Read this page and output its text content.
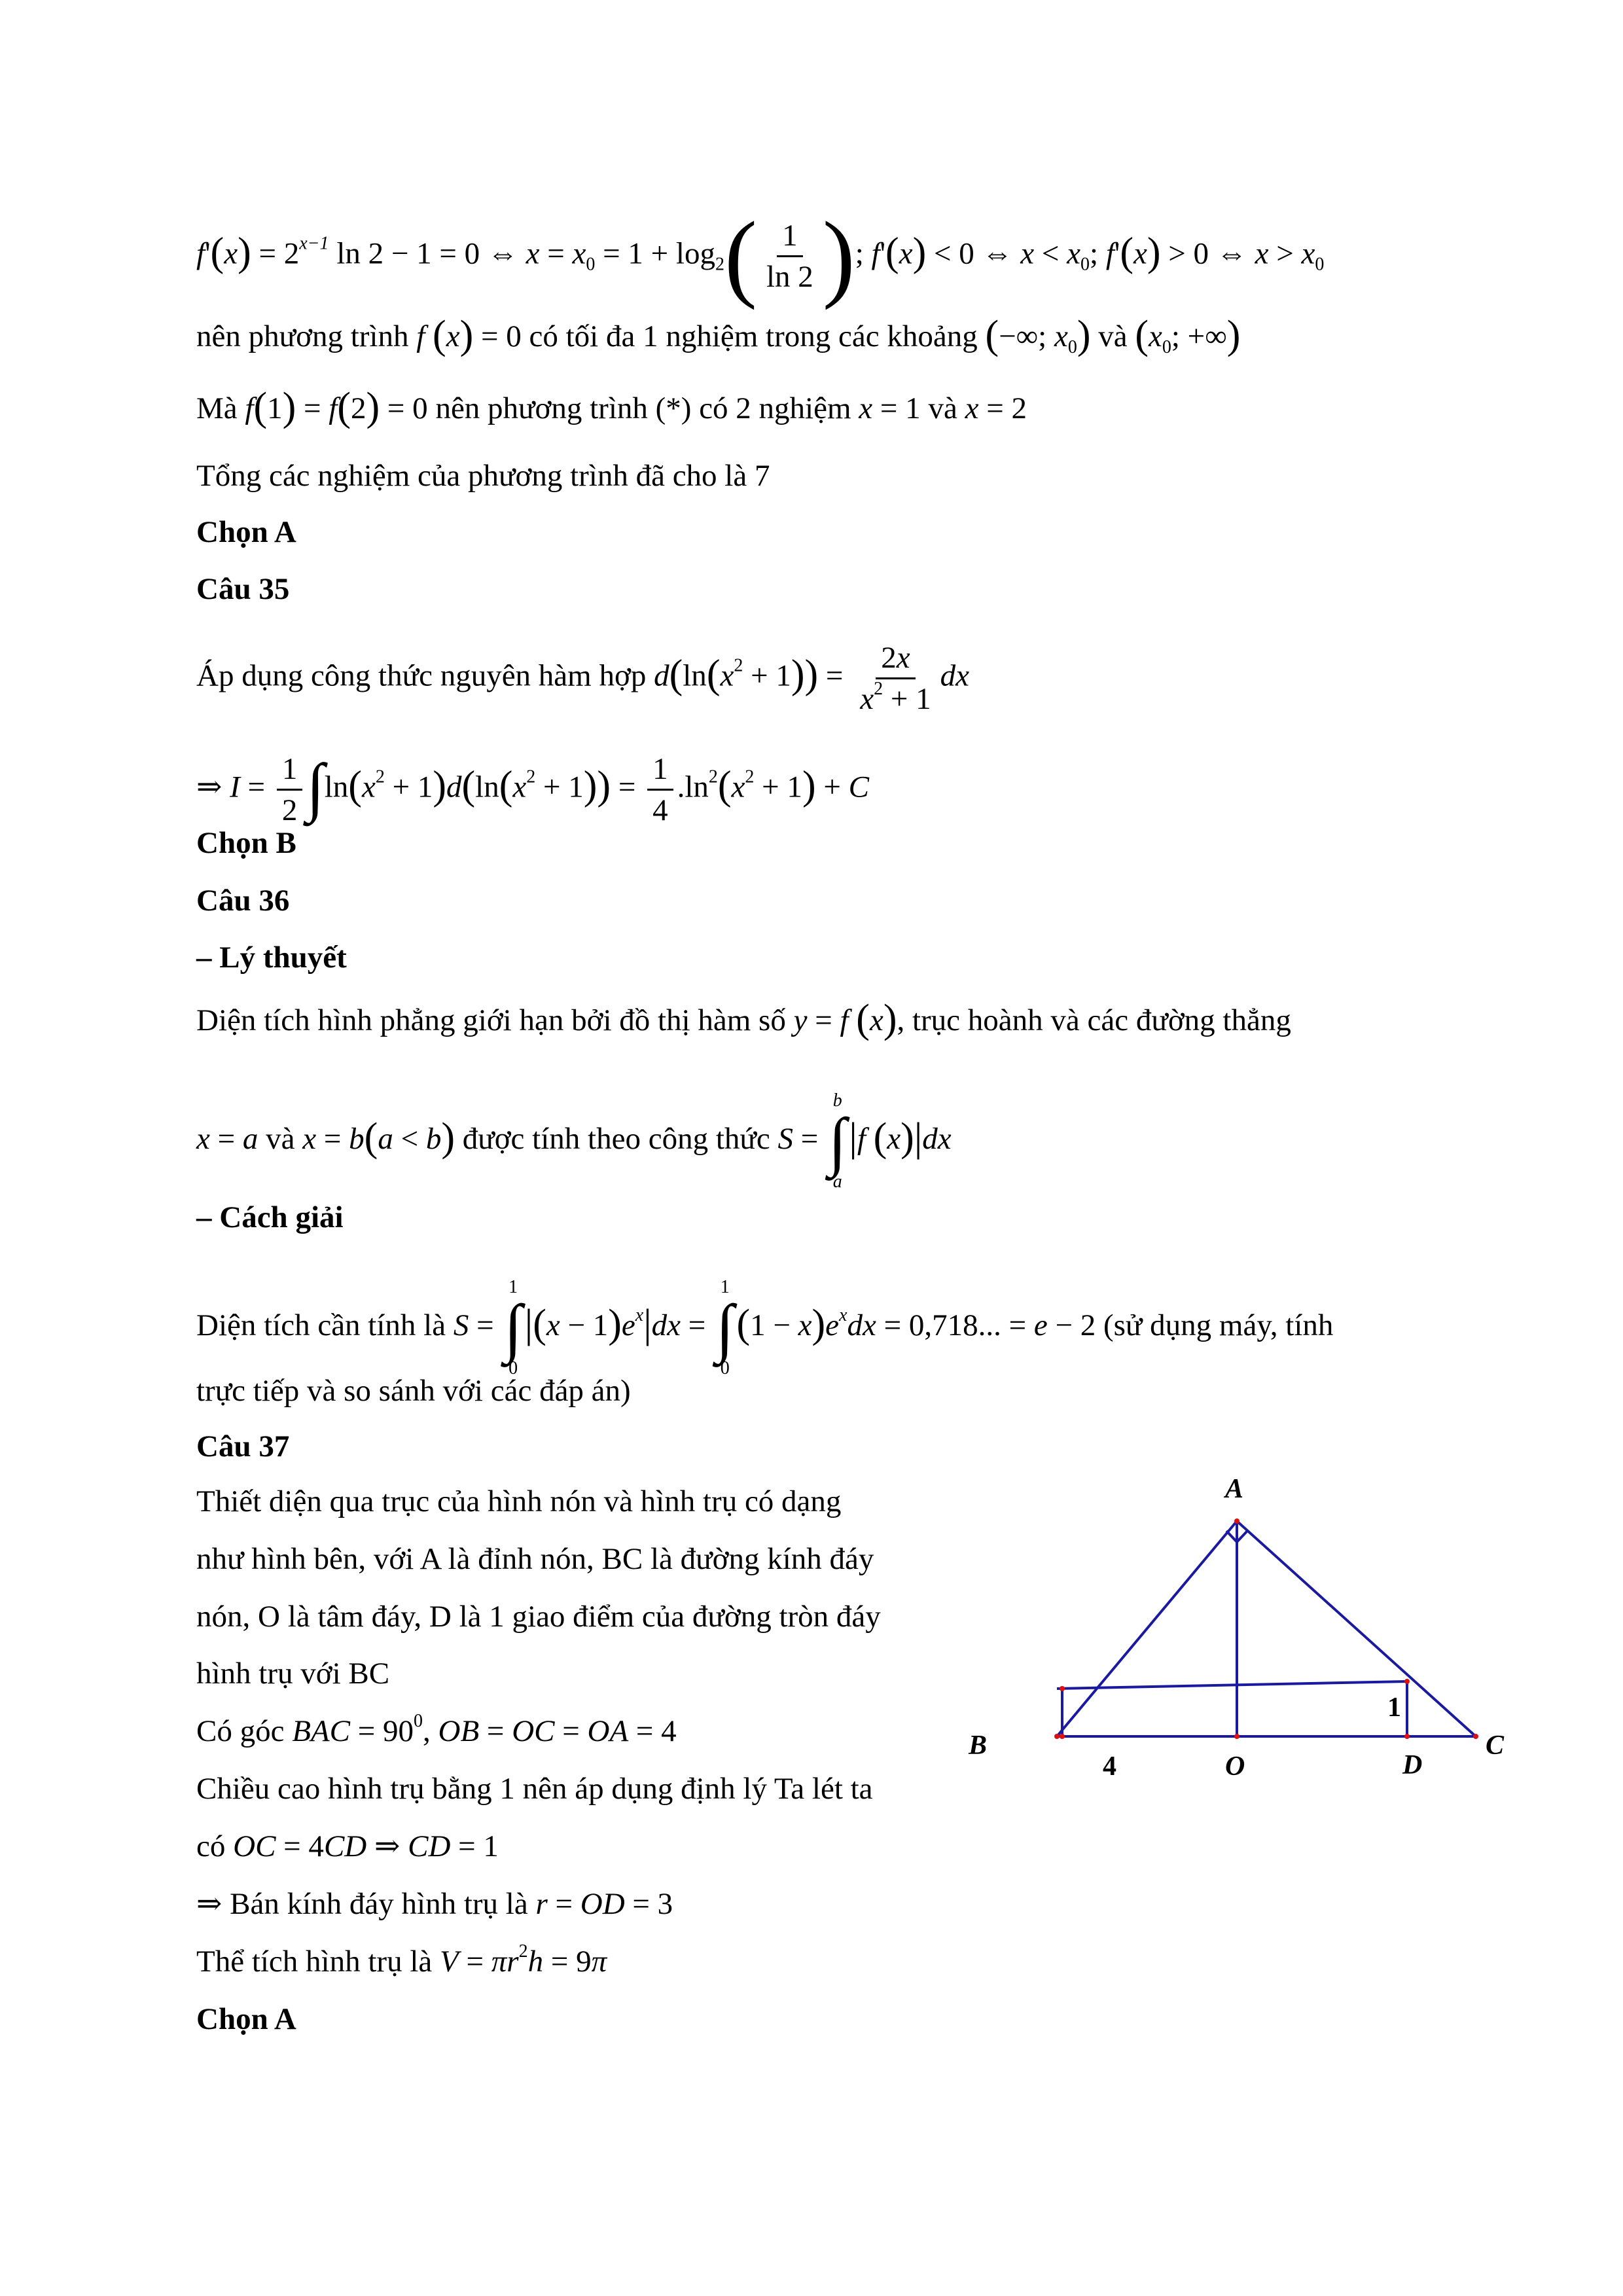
$f'(x) = 2^{x-1}$ ln 2 − 1 = 0 ⇔ $x = x_0 = 1 + \log_2( \frac{1}{\ln 2}$ ); f'(x) < 0 ⇔ $x < x_0$; f'(x) > 0 ⇔ $x > x_0$
nên phương trình f (x) = 0 có tối đa 1 nghiệm trong các khoảng (−∞; $x_0$) và ($x_0$; +∞)
Mà f(1) = f(2) = 0 nên phương trình (*) có 2 nghiệm x = 1 và x = 2
Tổng các nghiệm của phương trình đã cho là 7
Chọn A
Câu 35
Áp dụng công thức nguyên hàm hợp $d(\ln(x^2 + 1)) = \frac{2x}{x^2 + 1}$ dx
⇒ $I = \frac{1}{2} \int\ln(x^2 + 1)d(\ln(x^2 + 1)) = \frac{1}{4} .\ln^2(x^2 + 1) + C$
Chọn B
Câu 36
– Lý thuyết
Diện tích hình phẳng giới hạn bởi đồ thị hàm số y = f (x), trục hoành và các đường thẳng
x = a và x = b(a < b) được tính theo công thức S =
b
∫
a
|f (x)|dx
– Cách giải
Diện tích cần tính là S =
1
∫
0
$|(x - 1)e^x|dx$ =
1
∫
0
$(1 - x)e^xdx = 0,718$... = e − 2 (sử dụng máy, tính
trực tiếp và so sánh với các đáp án)
Câu 37
Thiết diện qua trục của hình nón và hình trụ có dạng
như hình bên, với A là đỉnh nón, BC là đường kính đáy
nón, O là tâm đáy, D là 1 giao điểm của đường tròn đáy
hình trụ với BC
Có góc BAC = $90^0$, OB = OC = OA = 4
Chiều cao hình trụ bằng 1 nên áp dụng định lý Ta lét ta
có OC = 4CD ⇒ CD = 1
⇒ Bán kính đáy hình trụ là r = OD = 3
Thể tích hình trụ là $V = \pi r^2h = 9\pi$
Chọn A
A
B	C
O	D
4
1
